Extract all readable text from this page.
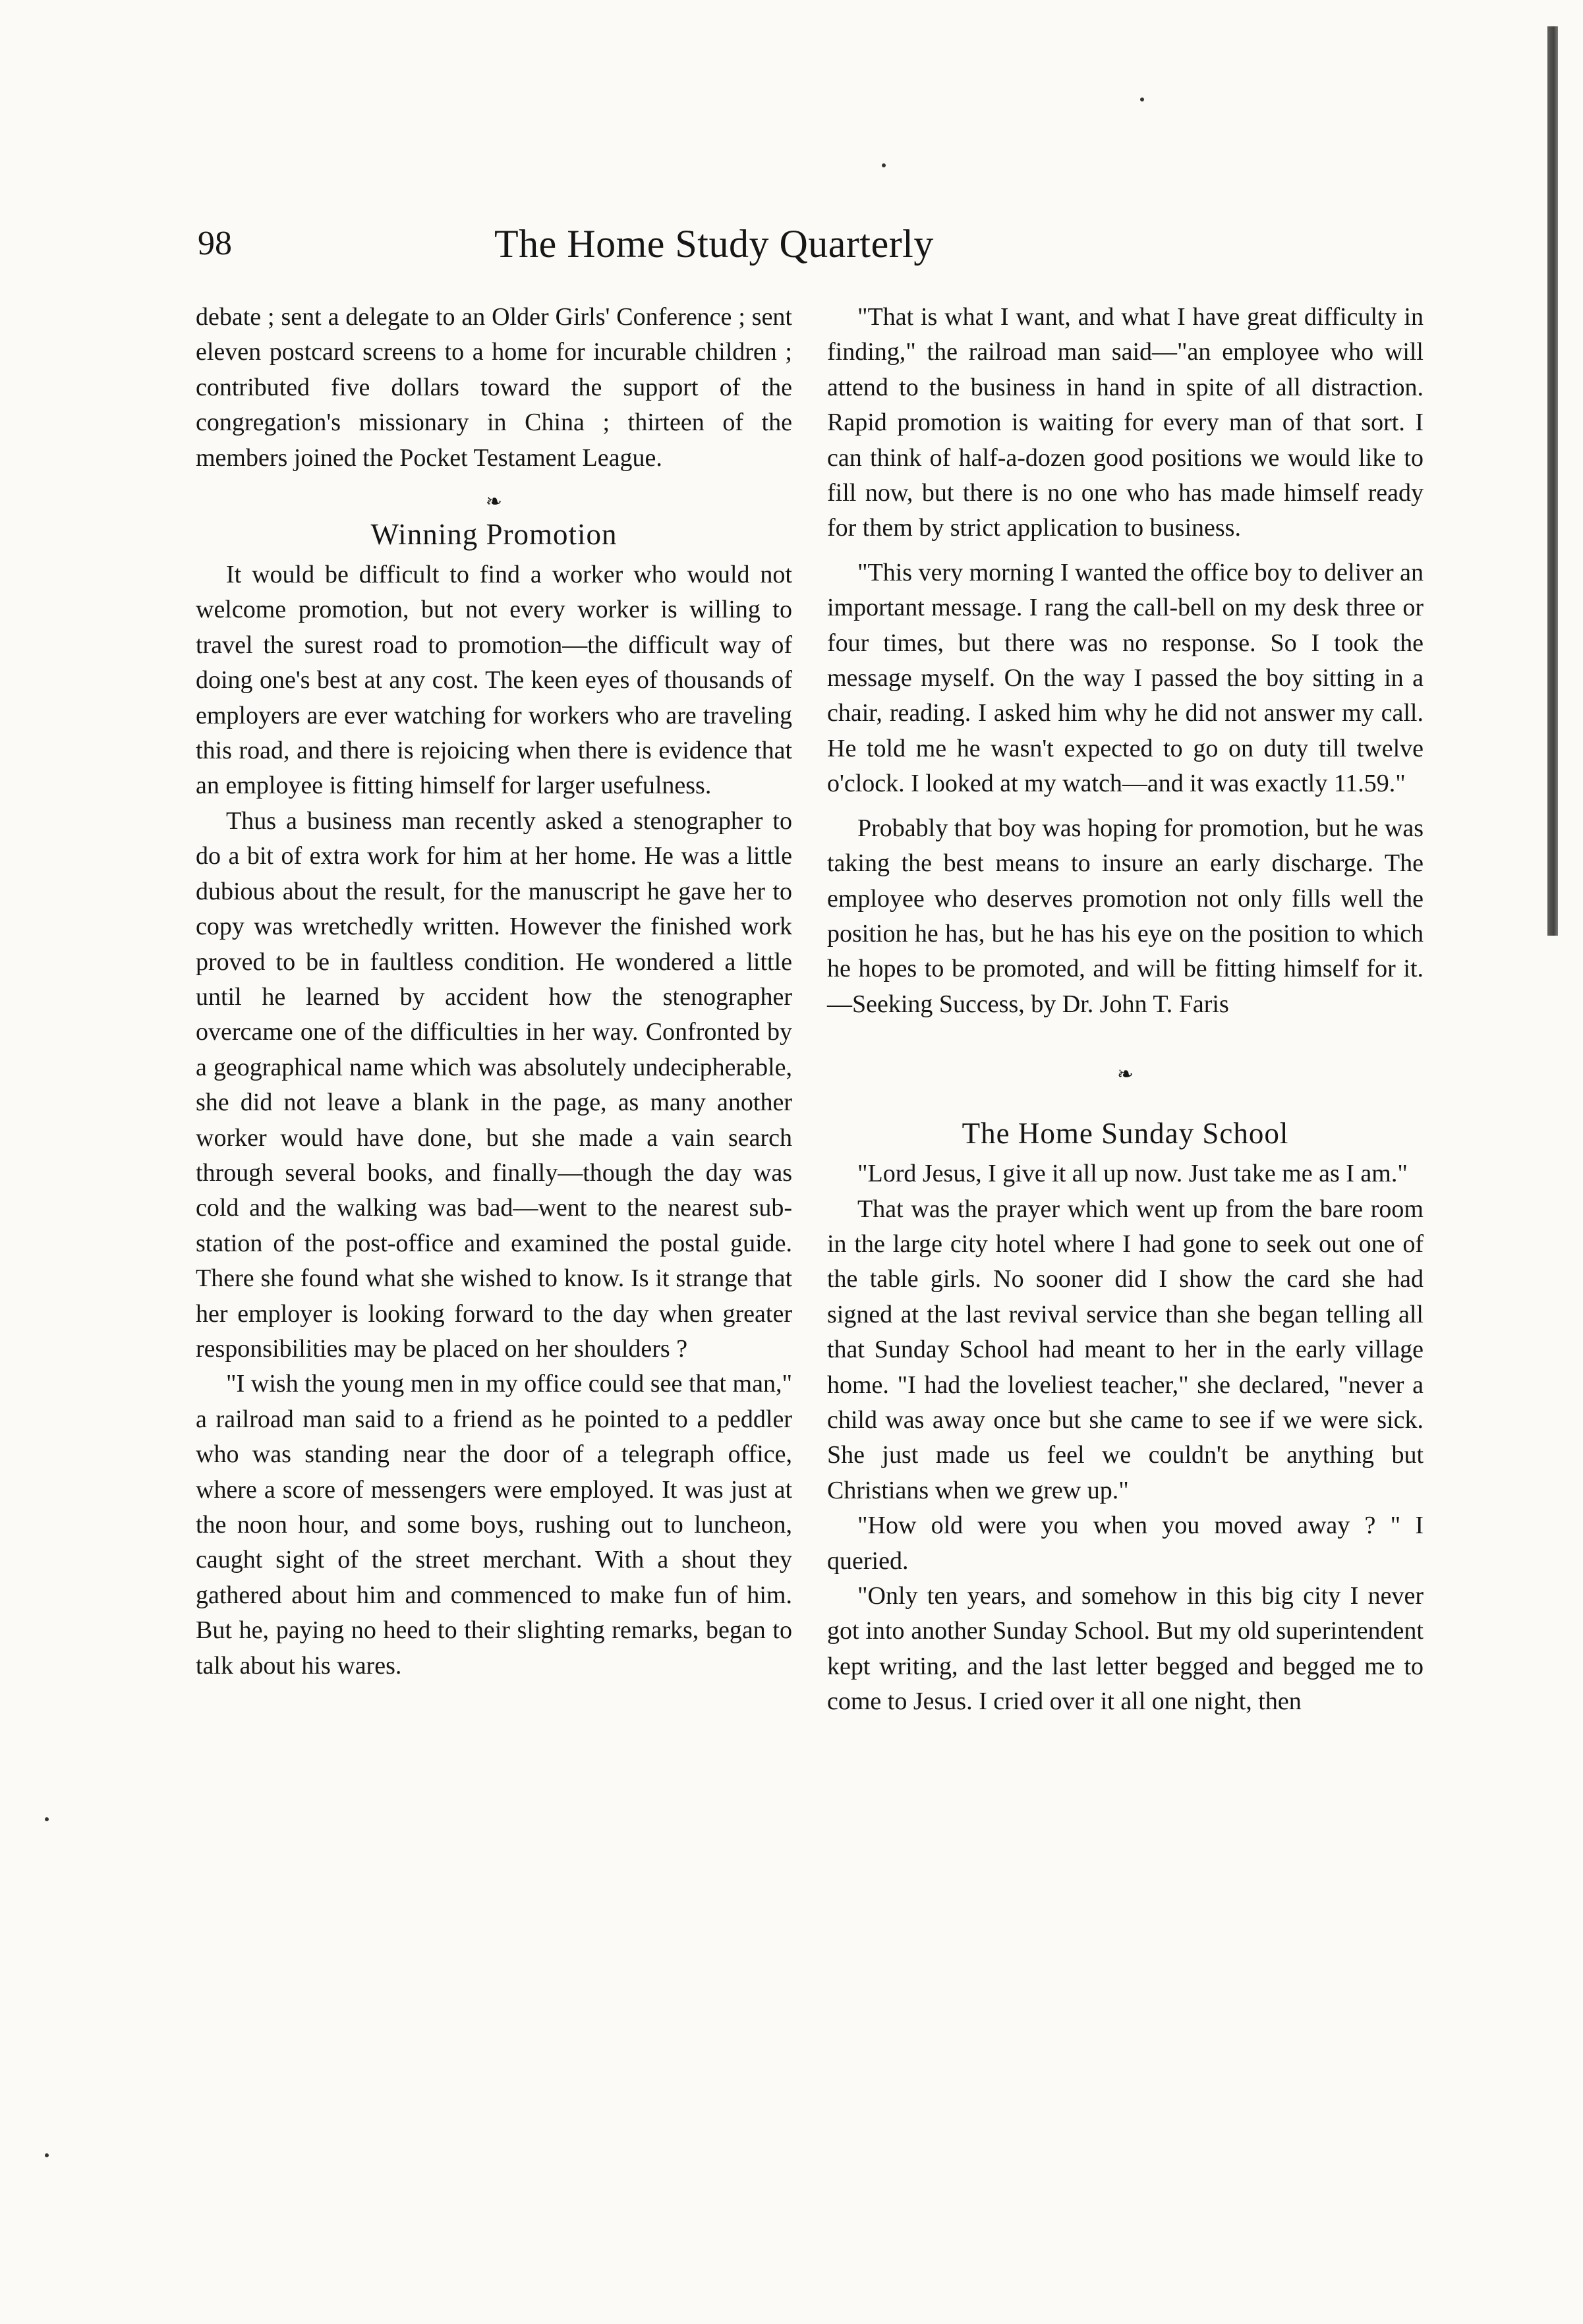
98	The Home Study Quarterly

debate ; sent a delegate to an Older Girls' Conference ; sent eleven postcard screens to a home for incurable children ; contributed five dollars toward the support of the congregation's missionary in China ; thirteen of the members joined the Pocket Testament League.

❧
Winning Promotion

It would be difficult to find a worker who would not welcome promotion, but not every worker is willing to travel the surest road to promotion—the difficult way of doing one's best at any cost. The keen eyes of thousands of employers are ever watching for workers who are traveling this road, and there is rejoicing when there is evidence that an employee is fitting himself for larger usefulness.

Thus a business man recently asked a stenographer to do a bit of extra work for him at her home. He was a little dubious about the result, for the manuscript he gave her to copy was wretchedly written. However the finished work proved to be in faultless condition. He wondered a little until he learned by accident how the stenographer overcame one of the difficulties in her way. Confronted by a geographical name which was absolutely undecipherable, she did not leave a blank in the page, as many another worker would have done, but she made a vain search through several books, and finally—though the day was cold and the walking was bad—went to the nearest sub-station of the post-office and examined the postal guide. There she found what she wished to know. Is it strange that her employer is looking forward to the day when greater responsibilities may be placed on her shoulders ?

"I wish the young men in my office could see that man," a railroad man said to a friend as he pointed to a peddler who was standing near the door of a telegraph office, where a score of messengers were employed. It was just at the noon hour, and some boys, rushing out to luncheon, caught sight of the street merchant. With a shout they gathered about him and commenced to make fun of him. But he, paying no heed to their slighting remarks, began to talk about his wares.

"That is what I want, and what I have great difficulty in finding," the railroad man said—"an employee who will attend to the business in hand in spite of all distraction. Rapid promotion is waiting for every man of that sort. I can think of half-a-dozen good positions we would like to fill now, but there is no one who has made himself ready for them by strict application to business.

"This very morning I wanted the office boy to deliver an important message. I rang the call-bell on my desk three or four times, but there was no response. So I took the message myself. On the way I passed the boy sitting in a chair, reading. I asked him why he did not answer my call. He told me he wasn't expected to go on duty till twelve o'clock. I looked at my watch—and it was exactly 11.59."

Probably that boy was hoping for promotion, but he was taking the best means to insure an early discharge. The employee who deserves promotion not only fills well the position he has, but he has his eye on the position to which he hopes to be promoted, and will be fitting himself for it.—Seeking Success, by Dr. John T. Faris

❧
The Home Sunday School

"Lord Jesus, I give it all up now. Just take me as I am."

That was the prayer which went up from the bare room in the large city hotel where I had gone to seek out one of the table girls. No sooner did I show the card she had signed at the last revival service than she began telling all that Sunday School had meant to her in the early village home. "I had the loveliest teacher," she declared, "never a child was away once but she came to see if we were sick. She just made us feel we couldn't be anything but Christians when we grew up."

"How old were you when you moved away ? " I queried.

"Only ten years, and somehow in this big city I never got into another Sunday School. But my old superintendent kept writing, and the last letter begged and begged me to come to Jesus. I cried over it all one night, then
